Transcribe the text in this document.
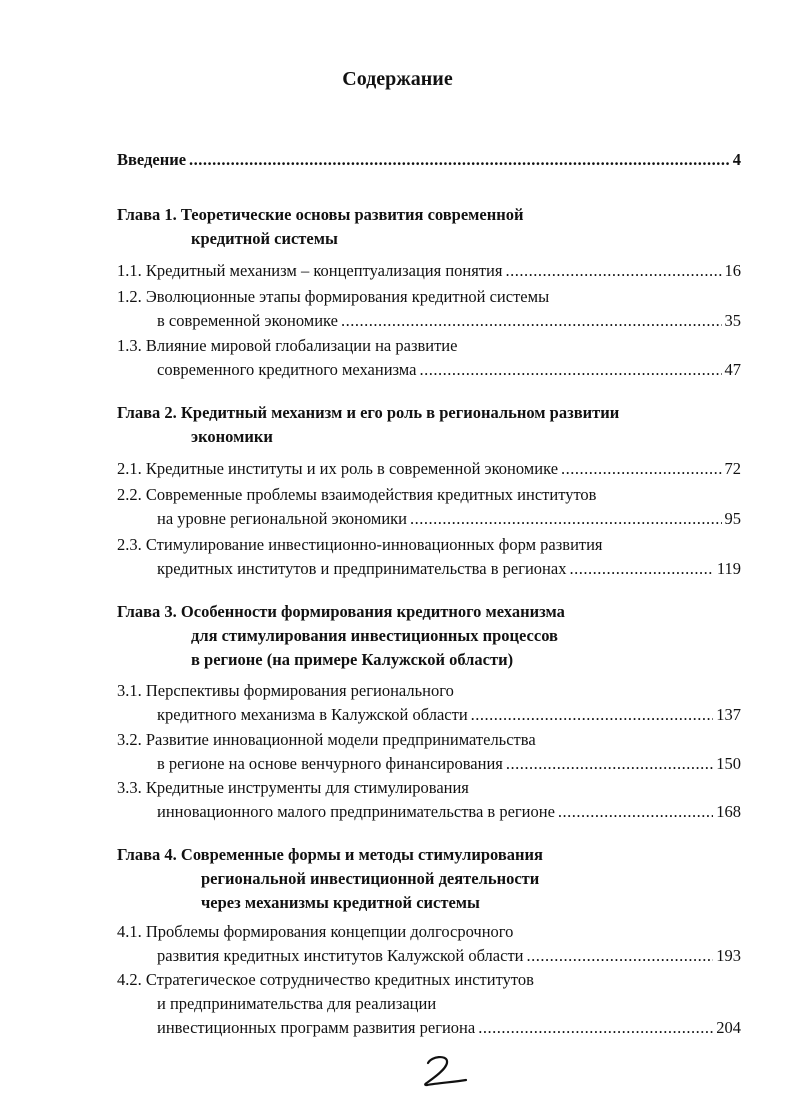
Содержание
Введение .....	4
Глава 1. Теоретические основы развития современной
кредитной системы
1.1. Кредитный механизм – концептуализация понятия .....	16
1.2. Эволюционные этапы формирования кредитной системы
в современной экономике .....	35
1.3. Влияние мировой глобализации на развитие
современного кредитного механизма .....	47
Глава 2. Кредитный механизм и его роль в региональном развитии
экономики
2.1. Кредитные институты и их роль в современной экономике .....	72
2.2. Современные проблемы взаимодействия кредитных институтов
на уровне региональной экономики .....	95
2.3. Стимулирование инвестиционно-инновационных форм развития
кредитных институтов и предпринимательства в регионах .....	119
Глава 3. Особенности формирования кредитного механизма
для стимулирования инвестиционных процессов
в регионе (на примере Калужской области)
3.1. Перспективы формирования регионального
кредитного механизма в Калужской области .....	137
3.2. Развитие инновационной модели предпринимательства
в регионе на основе венчурного финансирования .....	150
3.3. Кредитные инструменты для стимулирования
инновационного малого предпринимательства в регионе .....	168
Глава 4. Современные формы и методы стимулирования
региональной инвестиционной деятельности
через механизмы кредитной системы
4.1. Проблемы формирования концепции долгосрочного
развития кредитных институтов Калужской области .....	193
4.2. Стратегическое сотрудничество кредитных институтов
и предпринимательства для реализации
инвестиционных программ развития региона .....	204
